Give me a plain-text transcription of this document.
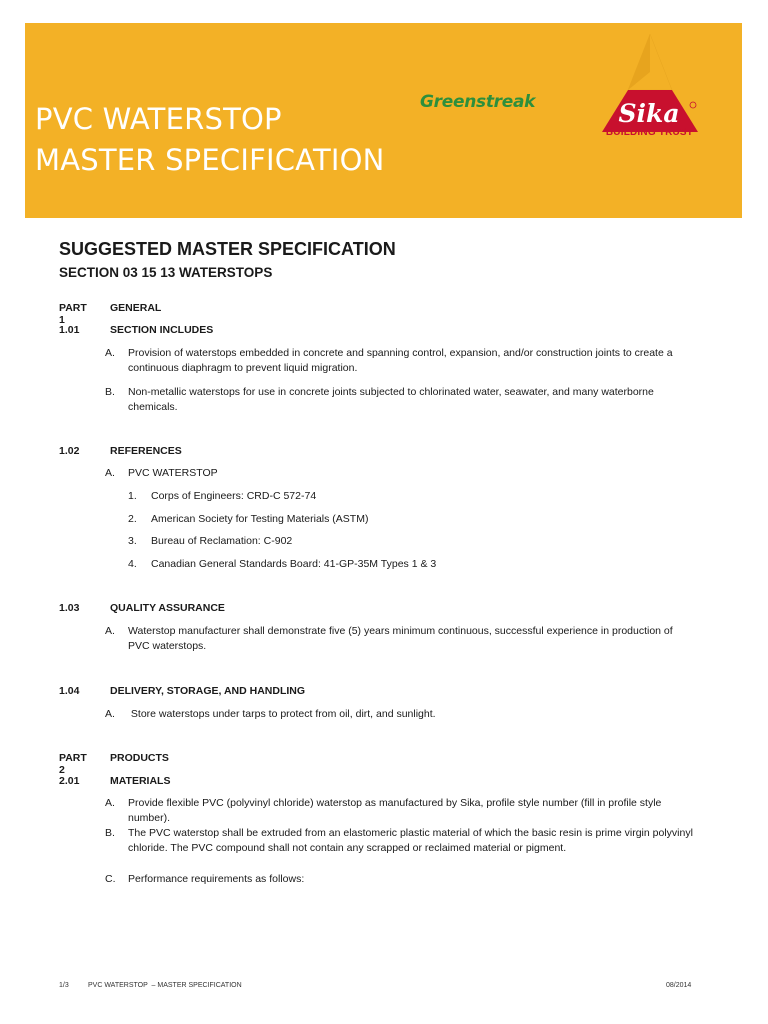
PVC WATERSTOP
MASTER SPECIFICATION
Greenstreak	Sika
BUILDING TRUST
SUGGESTED MASTER SPECIFICATION
SECTION 03 15 13 WATERSTOPS
PART 1
GENERAL
1.01	SECTION INCLUDES
A. Provision of waterstops embedded in concrete and spanning control, expansion, and/or construction joints to create a continuous diaphragm to prevent liquid migration.
B. Non-metallic waterstops for use in concrete joints subjected to chlorinated water, seawater, and many waterborne chemicals.
1.02	REFERENCES
A. PVC WATERSTOP
1. Corps of Engineers: CRD-C 572-74
2. American Society for Testing Materials (ASTM)
3. Bureau of Reclamation: C-902
4. Canadian General Standards Board: 41-GP-35M Types 1 & 3
1.03	QUALITY ASSURANCE
A. Waterstop manufacturer shall demonstrate five (5) years minimum continuous, successful experience in production of PVC waterstops.
1.04	DELIVERY, STORAGE, AND HANDLING
A. Store waterstops under tarps to protect from oil, dirt, and sunlight.
PART 2
PRODUCTS
2.01	MATERIALS
A. Provide flexible PVC (polyvinyl chloride) waterstop as manufactured by Sika, profile style number (fill in profile style number).
B. The PVC waterstop shall be extruded from an elastomeric plastic material of which the basic resin is prime virgin polyvinyl chloride. The PVC compound shall not contain any scrapped or reclaimed material or pigment.
C. Performance requirements as follows:
1/3	PVC WATERSTOP  – MASTER SPECIFICATION	08/2014
